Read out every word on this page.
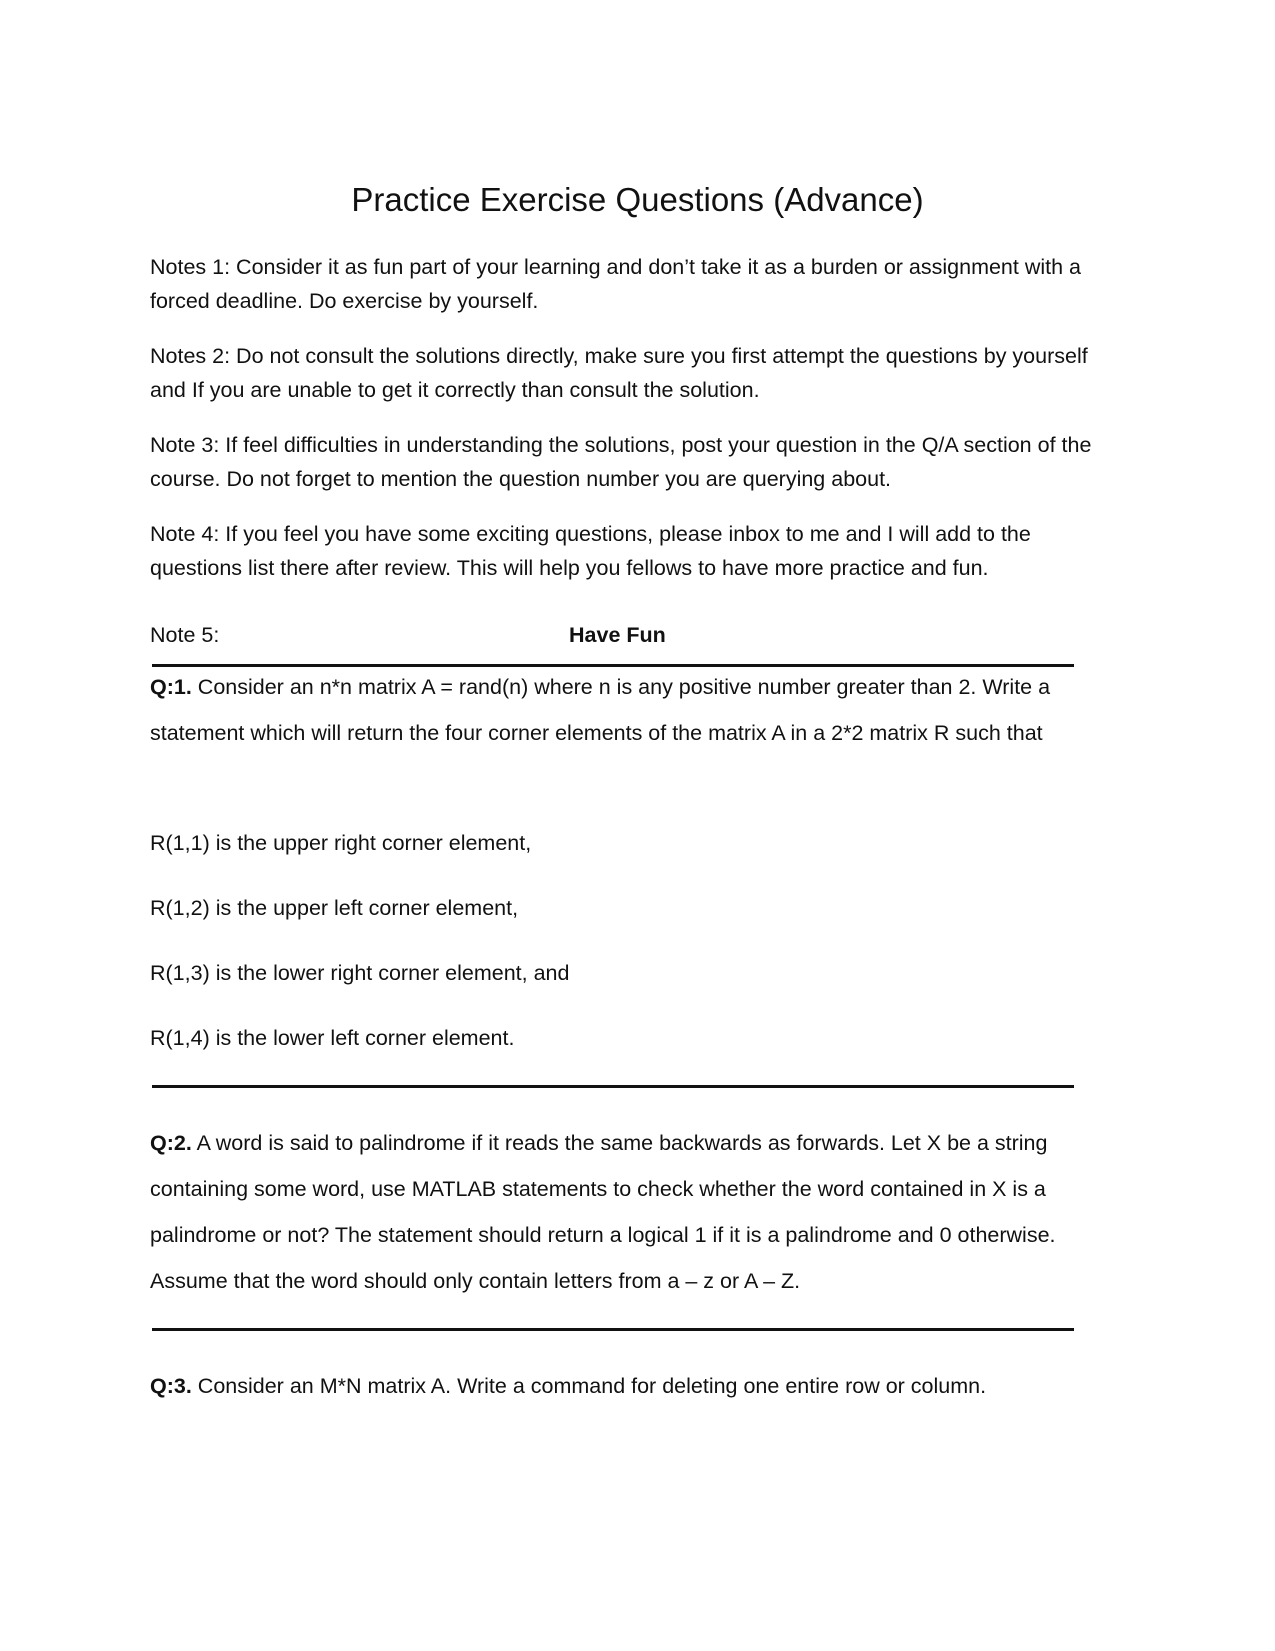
Practice Exercise Questions (Advance)

Notes 1: Consider it as fun part of your learning and don’t take it as a burden or assignment with a forced deadline. Do exercise by yourself.

Notes 2: Do not consult the solutions directly, make sure you first attempt the questions by yourself and If you are unable to get it correctly than consult the solution.

Note 3: If feel difficulties in understanding the solutions, post your question in the Q/A section of the course. Do not forget to mention the question number you are querying about.

Note 4: If you feel you have some exciting questions, please inbox to me and I will add to the questions list there after review. This will help you fellows to have more practice and fun.

Note 5:	Have Fun

Q:1. Consider an n*n matrix A = rand(n) where n is any positive number greater than 2. Write a statement which will return the four corner elements of the matrix A in a 2*2 matrix R such that

R(1,1) is the upper right corner element,
R(1,2) is the upper left corner element,
R(1,3) is the lower right corner element, and
R(1,4) is the lower left corner element.

Q:2. A word is said to palindrome if it reads the same backwards as forwards. Let X be a string containing some word, use MATLAB statements to check whether the word contained in X is a palindrome or not? The statement should return a logical 1 if it is a palindrome and 0 otherwise. Assume that the word should only contain letters from a – z or A – Z.

Q:3. Consider an M*N matrix A. Write a command for deleting one entire row or column.
